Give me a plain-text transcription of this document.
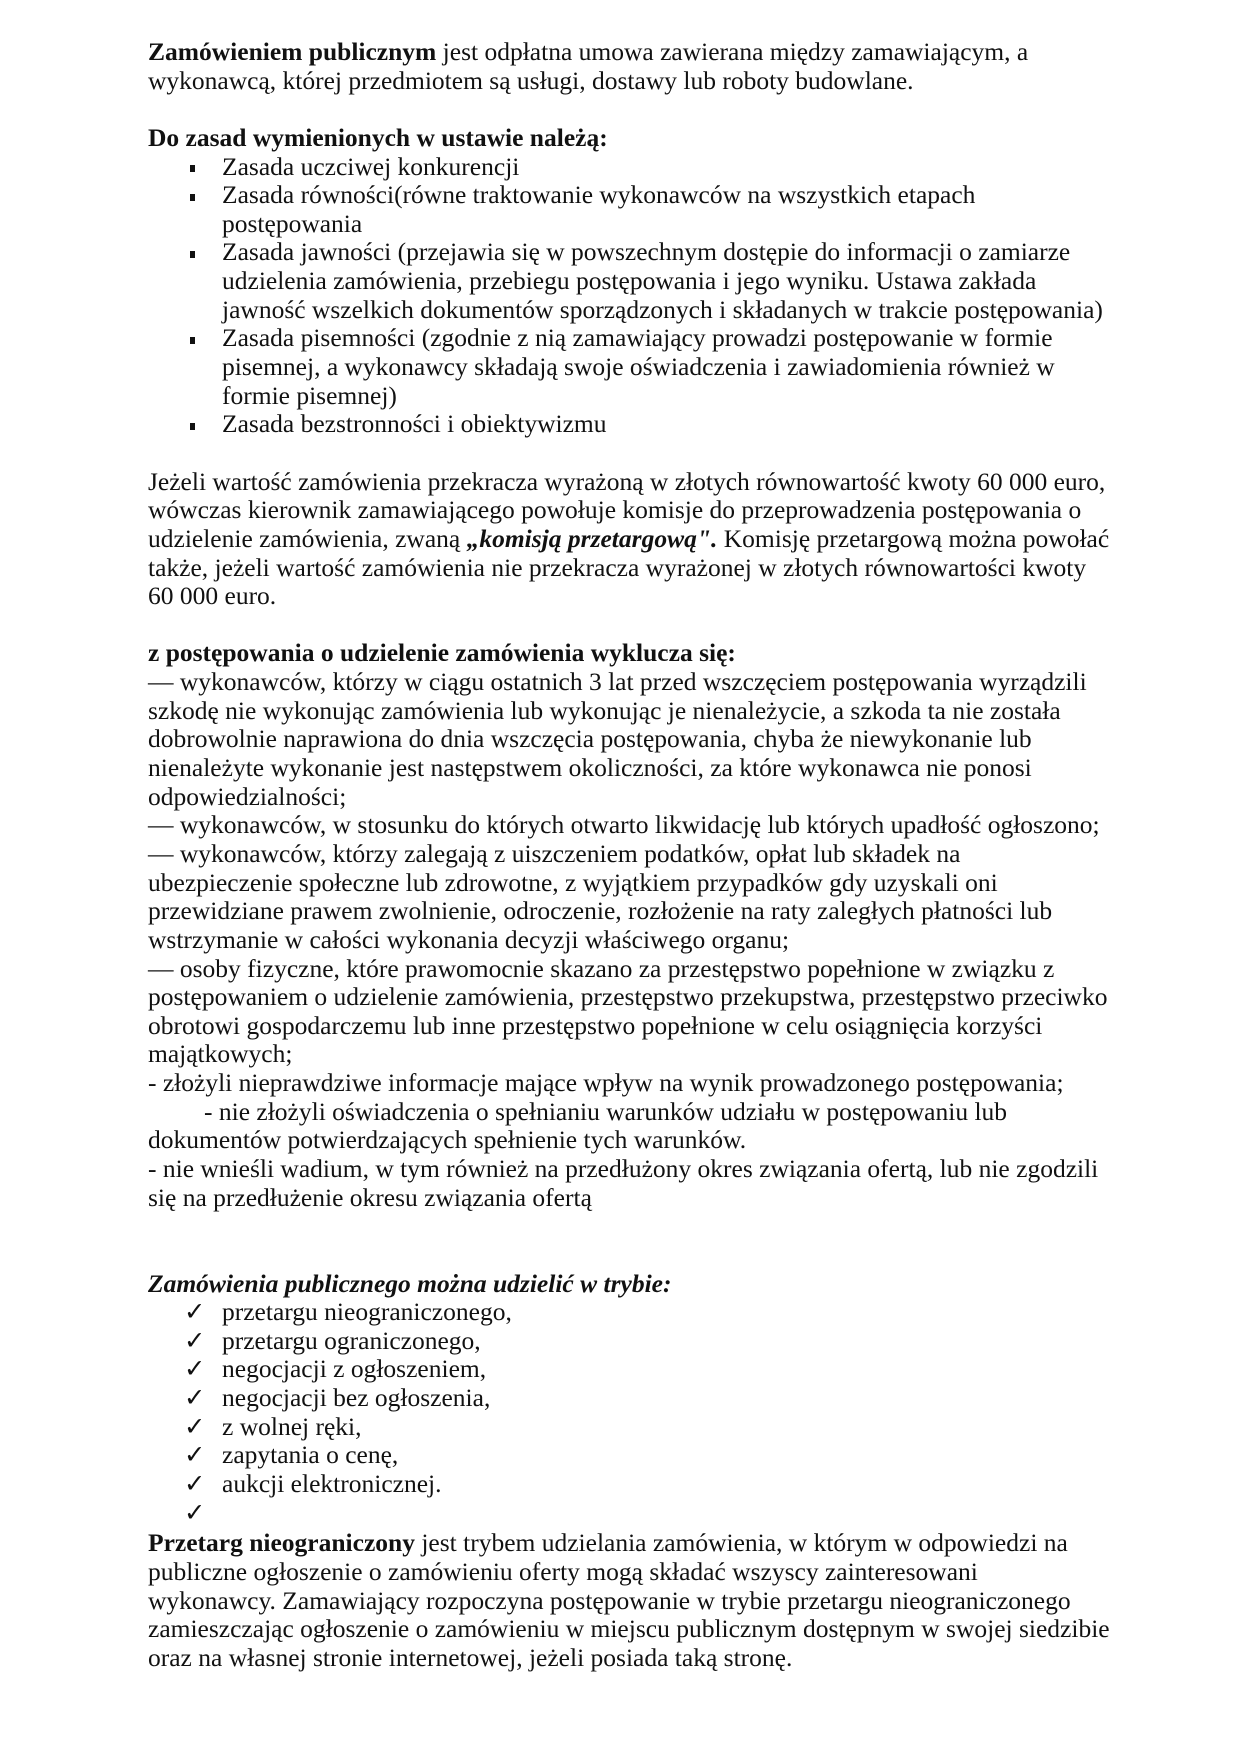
Zamówieniem publicznym jest odpłatna umowa zawierana między zamawiającym, a
wykonawcą, której przedmiotem są usługi, dostawy lub roboty budowlane.
Do zasad wymienionych w ustawie należą:
Zasada uczciwej konkurencji
Zasada równości(równe traktowanie wykonawców na wszystkich etapach
postępowania
Zasada jawności (przejawia się w powszechnym dostępie do informacji o zamiarze
udzielenia zamówienia, przebiegu postępowania i jego wyniku. Ustawa zakłada
jawność wszelkich dokumentów sporządzonych i składanych w trakcie postępowania)
Zasada pisemności (zgodnie z nią zamawiający prowadzi postępowanie w formie
pisemnej, a wykonawcy składają swoje oświadczenia i zawiadomienia również w
formie pisemnej)
Zasada bezstronności i obiektywizmu
Jeżeli wartość zamówienia przekracza wyrażoną w złotych równowartość kwoty 60 000 euro,
wówczas kierownik zamawiającego powołuje komisje do przeprowadzenia postępowania o
udzielenie zamówienia, zwaną „komisją przetargową". Komisję przetargową można powołać
także, jeżeli wartość zamówienia nie przekracza wyrażonej w złotych równowartości kwoty
60 000 euro.
z postępowania o udzielenie zamówienia wyklucza się:
— wykonawców, którzy w ciągu ostatnich 3 lat przed wszczęciem postępowania wyrządzili
szkodę nie wykonując zamówienia lub wykonując je nienależycie, a szkoda ta nie została
dobrowolnie naprawiona do dnia wszczęcia postępowania, chyba że niewykonanie lub
nienależyte wykonanie jest następstwem okoliczności, za które wykonawca nie ponosi
odpowiedzialności;
— wykonawców, w stosunku do których otwarto likwidację lub których upadłość ogłoszono;
— wykonawców, którzy zalegają z uiszczeniem podatków, opłat lub składek na
ubezpieczenie społeczne lub zdrowotne, z wyjątkiem przypadków gdy uzyskali oni
przewidziane prawem zwolnienie, odroczenie, rozłożenie na raty zaległych płatności lub
wstrzymanie w całości wykonania decyzji właściwego organu;
— osoby fizyczne, które prawomocnie skazano za przestępstwo popełnione w związku z
postępowaniem o udzielenie zamówienia, przestępstwo przekupstwa, przestępstwo przeciwko
obrotowi gospodarczemu lub inne przestępstwo popełnione w celu osiągnięcia korzyści
majątkowych;
- złożyli nieprawdziwe informacje mające wpływ na wynik prowadzonego postępowania;
- nie złożyli oświadczenia o spełnianiu warunków udziału w postępowaniu lub
dokumentów potwierdzających spełnienie tych warunków.
- nie wnieśli wadium, w tym również na przedłużony okres związania ofertą, lub nie zgodzili
się na przedłużenie okresu związania ofertą
Zamówienia publicznego można udzielić w trybie:
✓ przetargu nieograniczonego,
✓ przetargu ograniczonego,
✓ negocjacji z ogłoszeniem,
✓ negocjacji bez ogłoszenia,
✓ z wolnej ręki,
✓ zapytania o cenę,
✓ aukcji elektronicznej.
✓
Przetarg nieograniczony jest trybem udzielania zamówienia, w którym w odpowiedzi na
publiczne ogłoszenie o zamówieniu oferty mogą składać wszyscy zainteresowani
wykonawcy. Zamawiający rozpoczyna postępowanie w trybie przetargu nieograniczonego
zamieszczając ogłoszenie o zamówieniu w miejscu publicznym dostępnym w swojej siedzibie
oraz na własnej stronie internetowej, jeżeli posiada taką stronę.
